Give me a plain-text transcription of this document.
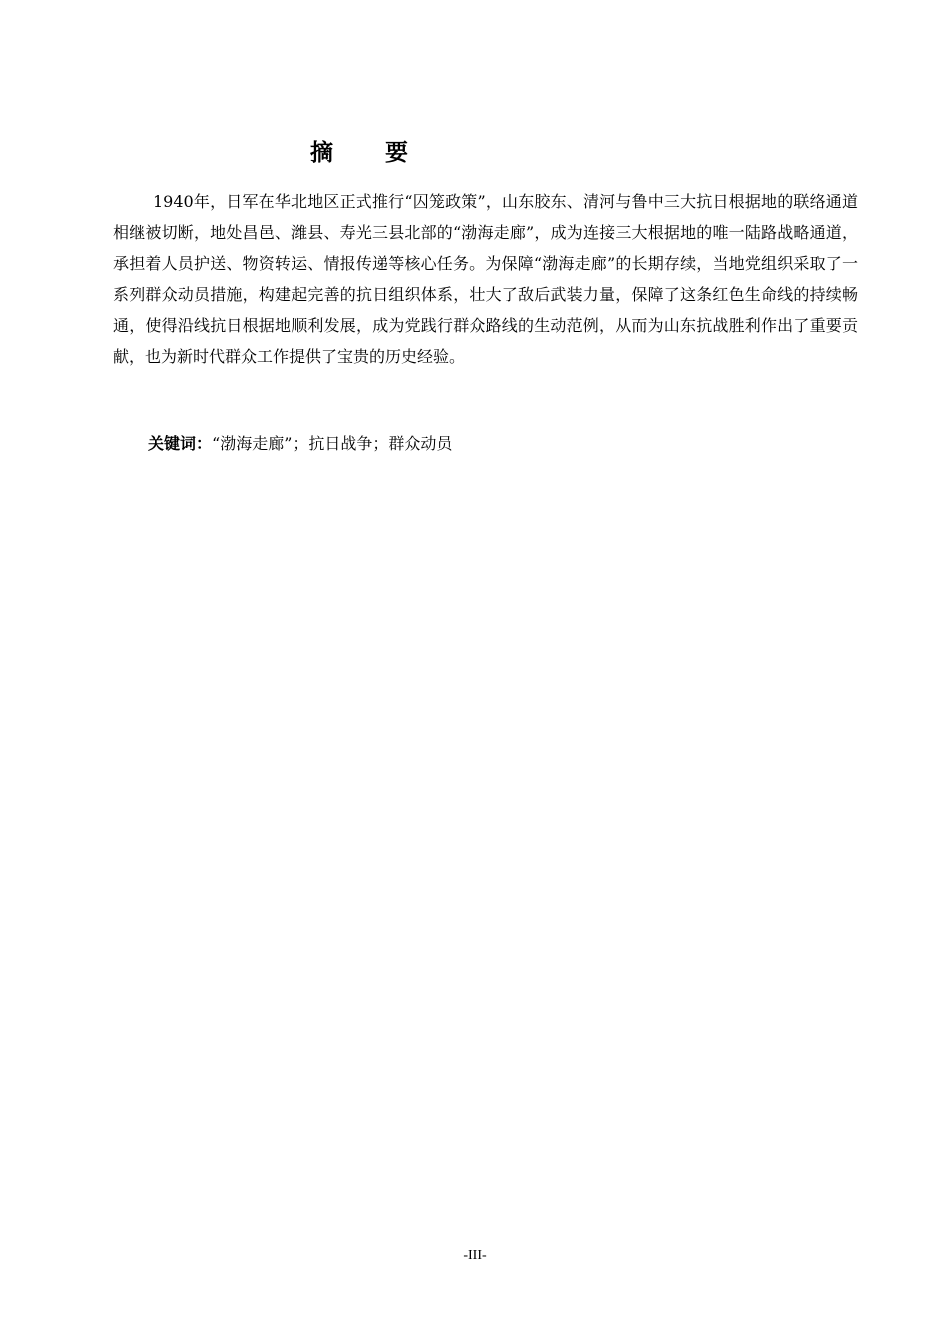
摘 要

1940年，日军在华北地区正式推行“囚笼政策”，山东胶东、清河与鲁中三大抗日根据地的联络通道相继被切断，地处昌邑、潍县、寿光三县北部的“渤海走廊”，成为连接三大根据地的唯一陆路战略通道，承担着人员护送、物资转运、情报传递等核心任务。为保障“渤海走廊”的长期存续，当地党组织采取了一系列群众动员措施，构建起完善的抗日组织体系，壮大了敌后武装力量，保障了这条红色生命线的持续畅通，使得沿线抗日根据地顺利发展，成为党践行群众路线的生动范例，从而为山东抗战胜利作出了重要贡献，也为新时代群众工作提供了宝贵的历史经验。

关键词：“渤海走廊”；抗日战争；群众动员

-III-
